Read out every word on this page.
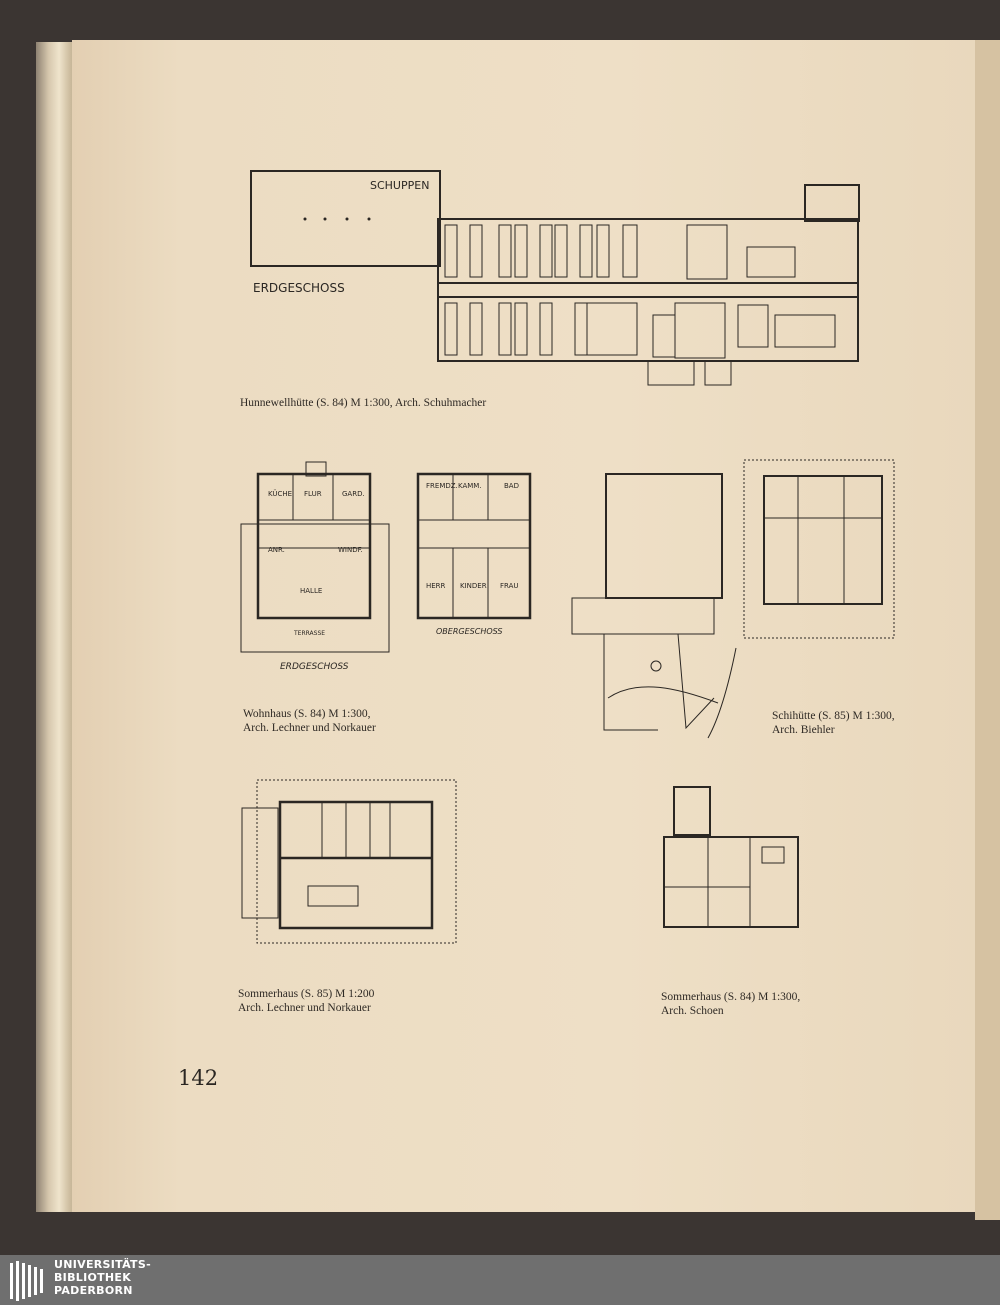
SCHUPPEN
ERDGESCHOSS
Hunnewellhütte (S. 84) M 1:300, Arch. Schuhmacher
KÜCHE FLUR	GARD.
ANR.	WINDF.
HALLE
TERRASSE
ERDGESCHOSS
FREMDZ. KAMM.	BAD
HERR KINDER FRAU
OBERGESCHOSS
Wohnhaus (S. 84) M 1:300,
Arch. Lechner und Norkauer
Schihütte (S. 85) M 1:300,
Arch. Biehler
Sommerhaus (S. 85) M 1:200
Arch. Lechner und Norkauer
Sommerhaus (S. 84) M 1:300,
Arch. Schoen
142
UNIVERSITÄTS-
BIBLIOTHEK
PADERBORN
